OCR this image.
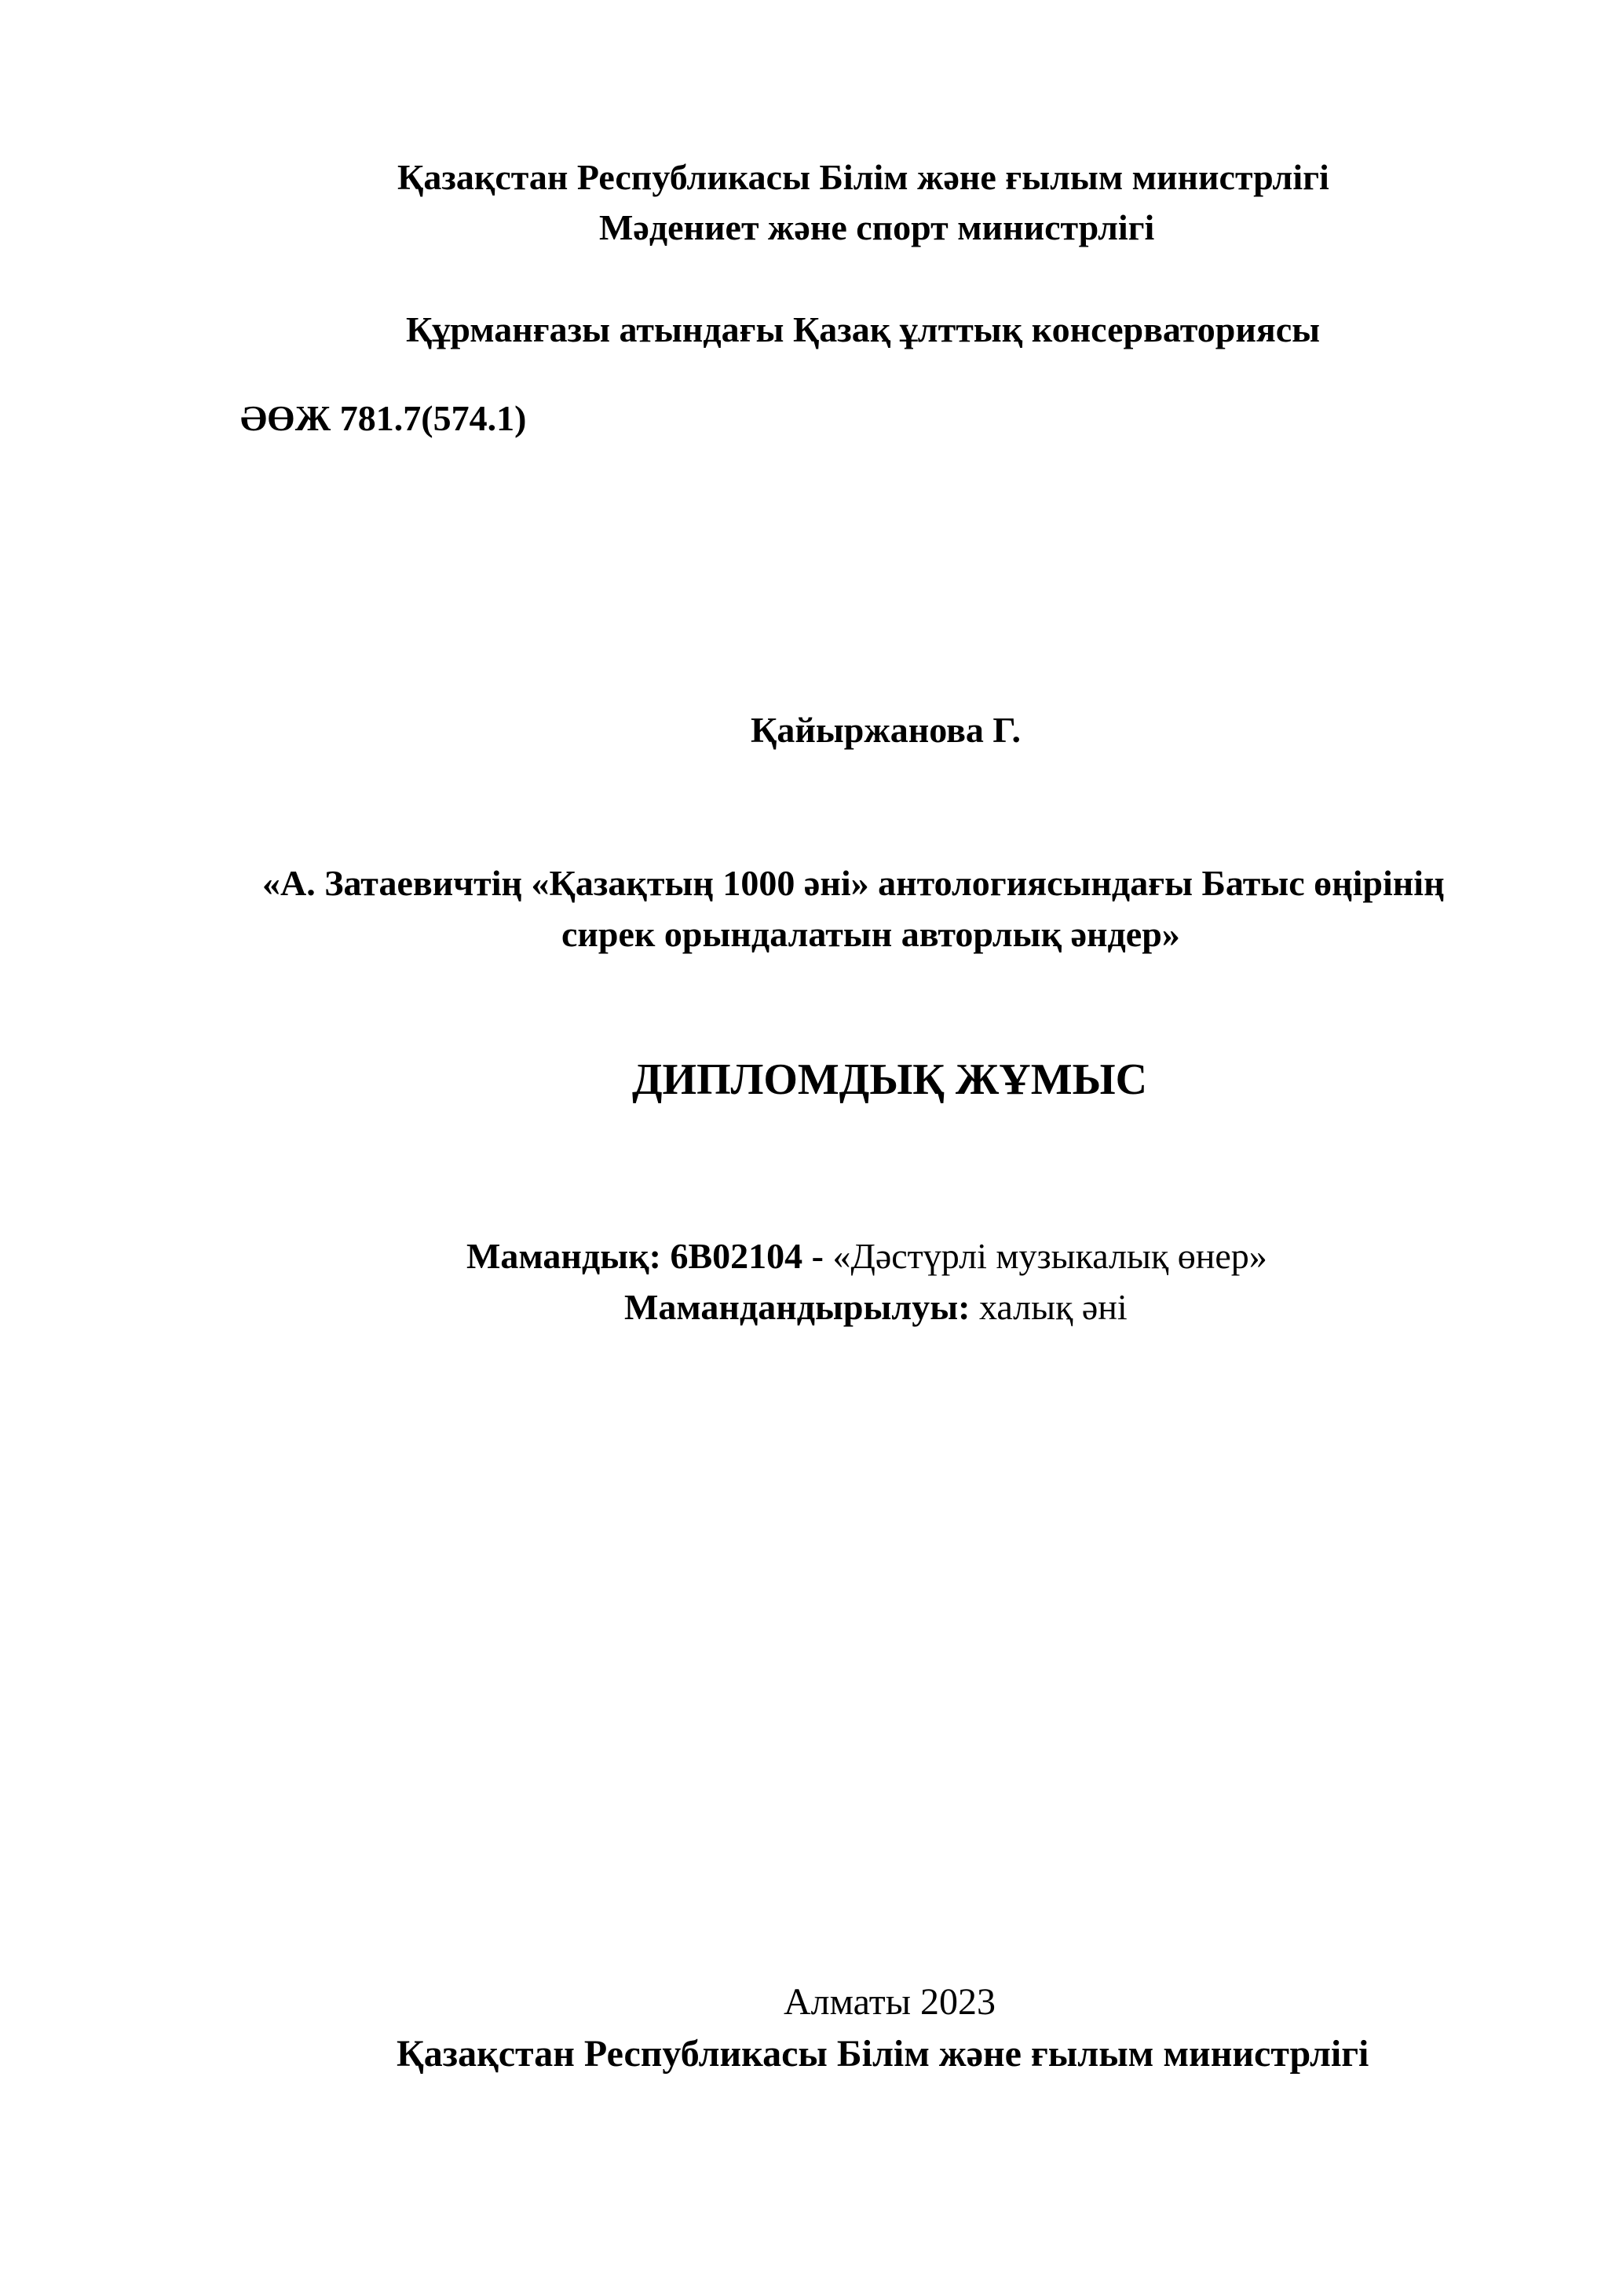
Қазақстан Республикасы Білім және ғылым министрлігі
Мәдениет және спорт министрлігі
Құрманғазы атындағы Қазақ ұлттық консерваториясы
ӘӨЖ 781.7(574.1)
Қайыржанова Г.
«А. Затаевичтің «Қазақтың 1000 әні» антологиясындағы Батыс өңірінің
сирек орындалатын авторлық әндер»
ДИПЛОМДЫҚ ЖҰМЫС
Мамандық: 6В02104 - «Дәстүрлі музыкалық өнер»
Мамандандырылуы: халық әні
Алматы 2023
Қазақстан Республикасы Білім және ғылым министрлігі
